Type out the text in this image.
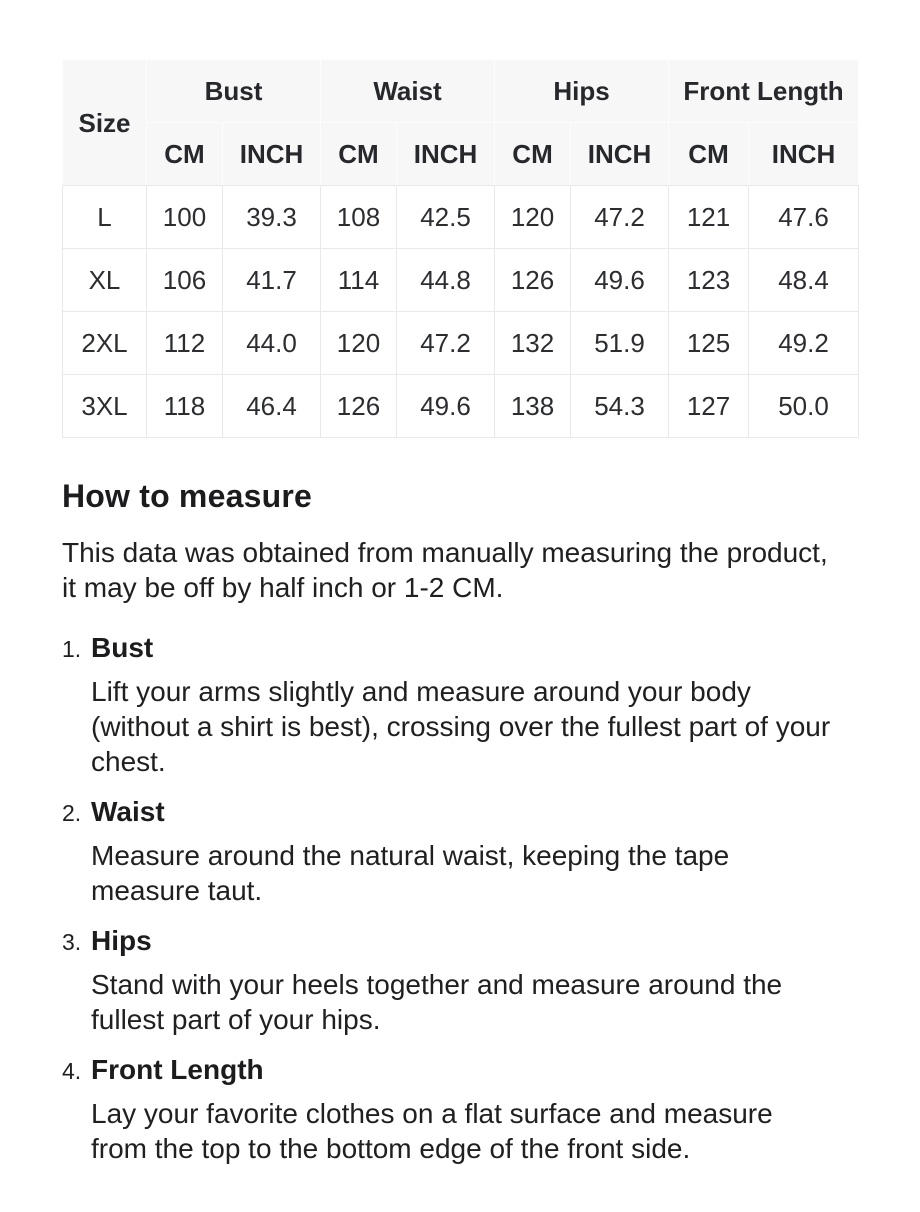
Size	Bust		Waist		Hips		Front Length	
	CM	INCH	CM	INCH	CM	INCH	CM	INCH
L	100	39.3	108	42.5	120	47.2	121	47.6
XL	106	41.7	114	44.8	126	49.6	123	48.4
2XL	112	44.0	120	47.2	132	51.9	125	49.2
3XL	118	46.4	126	49.6	138	54.3	127	50.0
How to measure

This data was obtained from manually measuring the product, it may be off by half inch or 1-2 CM.

1. Bust

Lift your arms slightly and measure around your body (without a shirt is best), crossing over the fullest part of your chest.

2. Waist

Measure around the natural waist, keeping the tape measure taut.

3. Hips

Stand with your heels together and measure around the fullest part of your hips.

4. Front Length

Lay your favorite clothes on a flat surface and measure from the top to the bottom edge of the front side.
